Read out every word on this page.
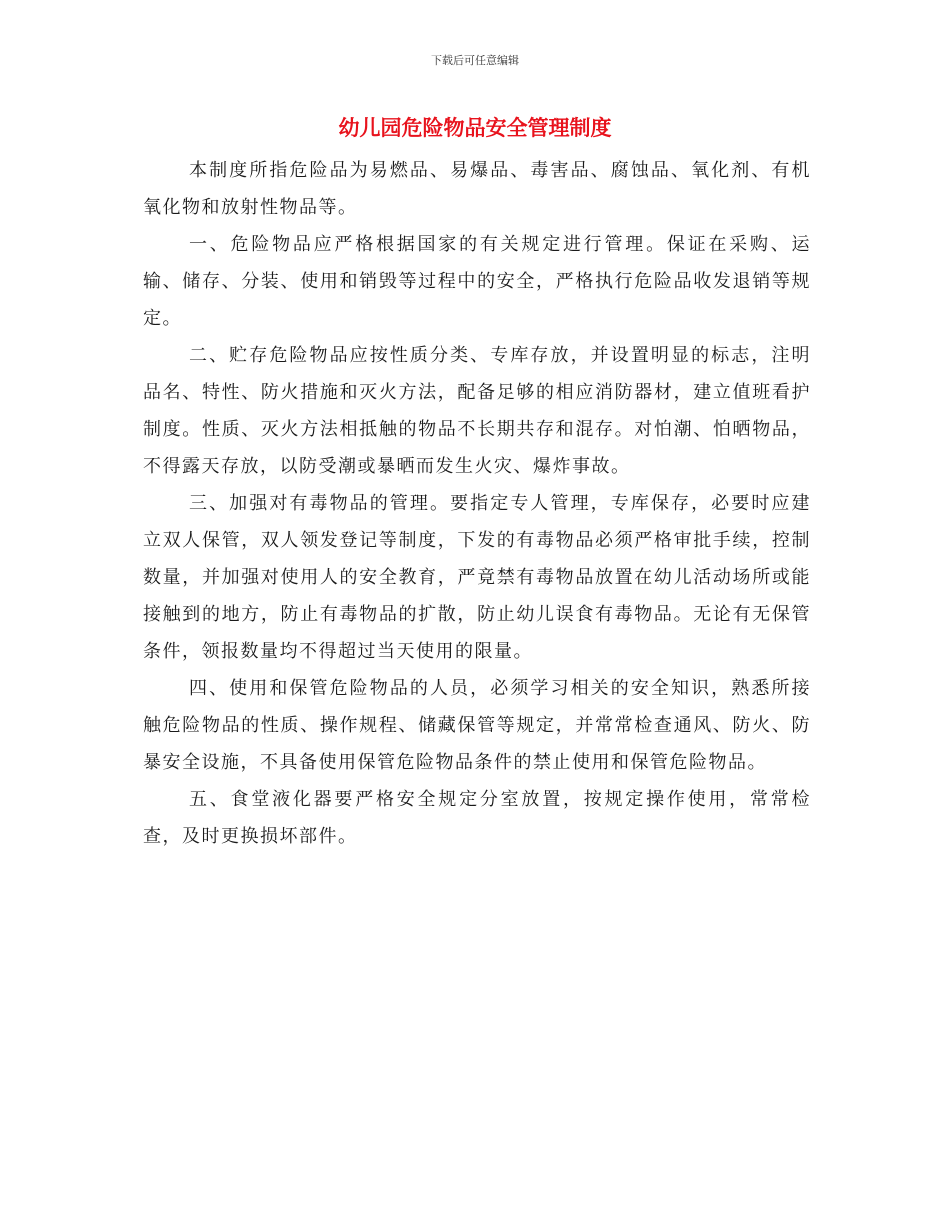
下载后可任意编辑
幼儿园危险物品安全管理制度

本制度所指危险品为易燃品、易爆品、毒害品、腐蚀品、氧化剂、有机氧化物和放射性物品等。

一、危险物品应严格根据国家的有关规定进行管理。保证在采购、运输、储存、分装、使用和销毁等过程中的安全，严格执行危险品收发退销等规定。

二、贮存危险物品应按性质分类、专库存放，并设置明显的标志，注明品名、特性、防火措施和灭火方法，配备足够的相应消防器材，建立值班看护制度。性质、灭火方法相抵触的物品不长期共存和混存。对怕潮、怕晒物品，不得露天存放，以防受潮或暴晒而发生火灾、爆炸事故。

三、加强对有毒物品的管理。要指定专人管理，专库保存，必要时应建立双人保管，双人领发登记等制度，下发的有毒物品必须严格审批手续，控制数量，并加强对使用人的安全教育，严竟禁有毒物品放置在幼儿活动场所或能接触到的地方，防止有毒物品的扩散，防止幼儿误食有毒物品。无论有无保管条件，领报数量均不得超过当天使用的限量。

四、使用和保管危险物品的人员，必须学习相关的安全知识，熟悉所接触危险物品的性质、操作规程、储藏保管等规定，并常常检查通风、防火、防暴安全设施，不具备使用保管危险物品条件的禁止使用和保管危险物品。

五、食堂液化器要严格安全规定分室放置，按规定操作使用，常常检查，及时更换损坏部件。
